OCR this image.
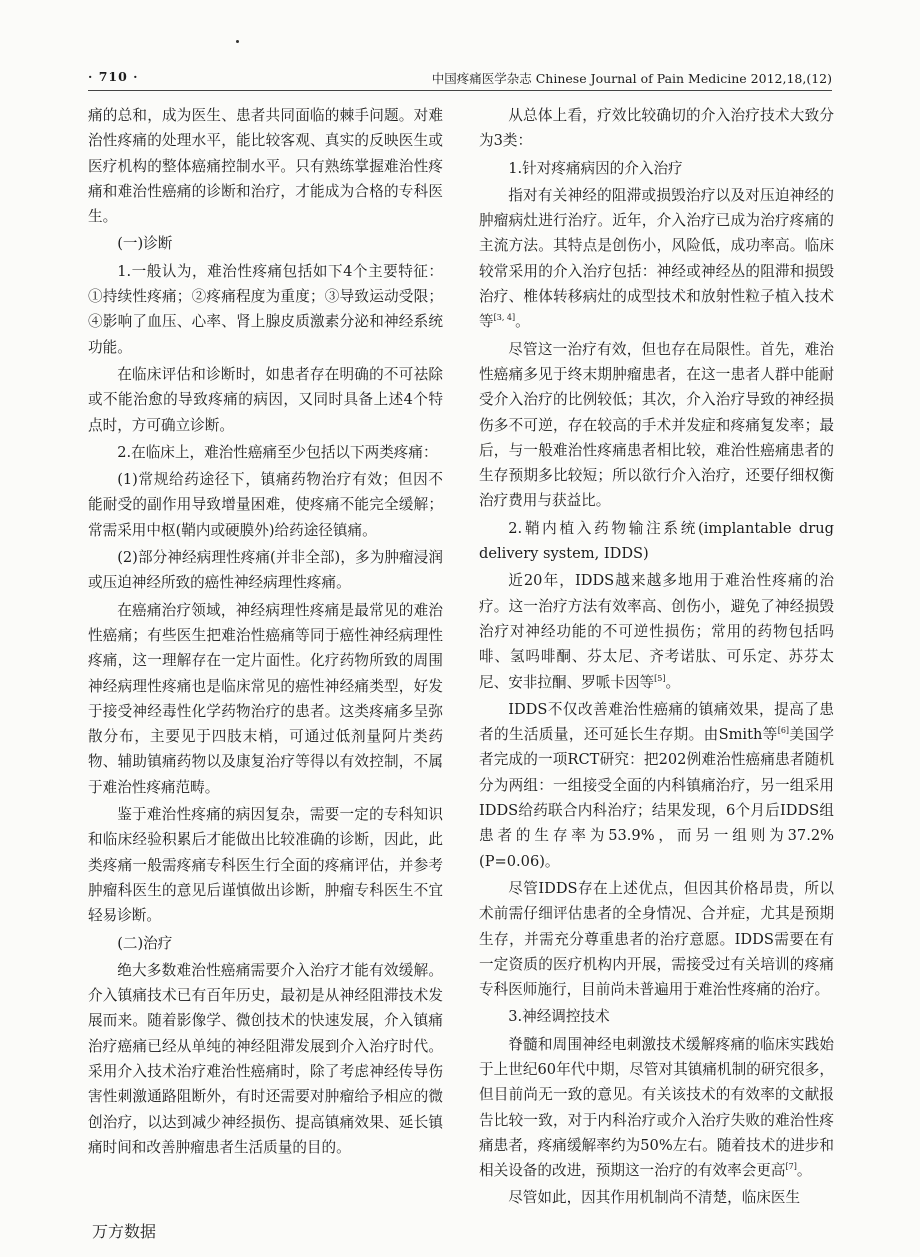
· 710 ·	中国疼痛医学杂志 Chinese Journal of Pain Medicine 2012,18,(12)

痛的总和，成为医生、患者共同面临的棘手问题。对难治性疼痛的处理水平，能比较客观、真实的反映医生或医疗机构的整体癌痛控制水平。只有熟练掌握难治性疼痛和难治性癌痛的诊断和治疗，才能成为合格的专科医生。

(一)诊断

1.一般认为，难治性疼痛包括如下4个主要特征：①持续性疼痛；②疼痛程度为重度；③导致运动受限；④影响了血压、心率、肾上腺皮质激素分泌和神经系统功能。

在临床评估和诊断时，如患者存在明确的不可祛除或不能治愈的导致疼痛的病因，又同时具备上述4个特点时，方可确立诊断。

2.在临床上，难治性癌痛至少包括以下两类疼痛：

(1)常规给药途径下，镇痛药物治疗有效；但因不能耐受的副作用导致增量困难，使疼痛不能完全缓解；常需采用中枢(鞘内或硬膜外)给药途径镇痛。

(2)部分神经病理性疼痛(并非全部)，多为肿瘤浸润或压迫神经所致的癌性神经病理性疼痛。

在癌痛治疗领域，神经病理性疼痛是最常见的难治性癌痛；有些医生把难治性癌痛等同于癌性神经病理性疼痛，这一理解存在一定片面性。化疗药物所致的周围神经病理性疼痛也是临床常见的癌性神经痛类型，好发于接受神经毒性化学药物治疗的患者。这类疼痛多呈弥散分布，主要见于四肢末梢，可通过低剂量阿片类药物、辅助镇痛药物以及康复治疗等得以有效控制，不属于难治性疼痛范畴。

鉴于难治性疼痛的病因复杂，需要一定的专科知识和临床经验积累后才能做出比较准确的诊断，因此，此类疼痛一般需疼痛专科医生行全面的疼痛评估，并参考肿瘤科医生的意见后谨慎做出诊断，肿瘤专科医生不宜轻易诊断。

(二)治疗

绝大多数难治性癌痛需要介入治疗才能有效缓解。介入镇痛技术已有百年历史，最初是从神经阻滞技术发展而来。随着影像学、微创技术的快速发展，介入镇痛治疗癌痛已经从单纯的神经阻滞发展到介入治疗时代。采用介入技术治疗难治性癌痛时，除了考虑神经传导伤害性刺激通路阻断外，有时还需要对肿瘤给予相应的微创治疗，以达到减少神经损伤、提高镇痛效果、延长镇痛时间和改善肿瘤患者生活质量的目的。

从总体上看，疗效比较确切的介入治疗技术大致分为3类：

1.针对疼痛病因的介入治疗

指对有关神经的阻滞或损毁治疗以及对压迫神经的肿瘤病灶进行治疗。近年，介入治疗已成为治疗疼痛的主流方法。其特点是创伤小，风险低，成功率高。临床较常采用的介入治疗包括：神经或神经丛的阻滞和损毁治疗、椎体转移病灶的成型技术和放射性粒子植入技术等[3, 4]。

尽管这一治疗有效，但也存在局限性。首先，难治性癌痛多见于终末期肿瘤患者，在这一患者人群中能耐受介入治疗的比例较低；其次，介入治疗导致的神经损伤多不可逆，存在较高的手术并发症和疼痛复发率；最后，与一般难治性疼痛患者相比较，难治性癌痛患者的生存预期多比较短；所以欲行介入治疗，还要仔细权衡治疗费用与获益比。

2.鞘内植入药物输注系统(implantable drug delivery system, IDDS)

近20年，IDDS越来越多地用于难治性疼痛的治疗。这一治疗方法有效率高、创伤小，避免了神经损毁治疗对神经功能的不可逆性损伤；常用的药物包括吗啡、氢吗啡酮、芬太尼、齐考诺肽、可乐定、苏芬太尼、安非拉酮、罗哌卡因等[5]。

IDDS不仅改善难治性癌痛的镇痛效果，提高了患者的生活质量，还可延长生存期。由Smith等[6]美国学者完成的一项RCT研究：把202例难治性癌痛患者随机分为两组：一组接受全面的内科镇痛治疗，另一组采用IDDS给药联合内科治疗；结果发现，6个月后IDDS组患者的生存率为53.9%，而另一组则为37.2%(P=0.06)。

尽管IDDS存在上述优点，但因其价格昂贵，所以术前需仔细评估患者的全身情况、合并症，尤其是预期生存，并需充分尊重患者的治疗意愿。IDDS需要在有一定资质的医疗机构内开展，需接受过有关培训的疼痛专科医师施行，目前尚未普遍用于难治性疼痛的治疗。

3.神经调控技术

脊髓和周围神经电刺激技术缓解疼痛的临床实践始于上世纪60年代中期，尽管对其镇痛机制的研究很多，但目前尚无一致的意见。有关该技术的有效率的文献报告比较一致，对于内科治疗或介入治疗失败的难治性疼痛患者，疼痛缓解率约为50%左右。随着技术的进步和相关设备的改进，预期这一治疗的有效率会更高[7]。

尽管如此，因其作用机制尚不清楚，临床医生

万方数据
